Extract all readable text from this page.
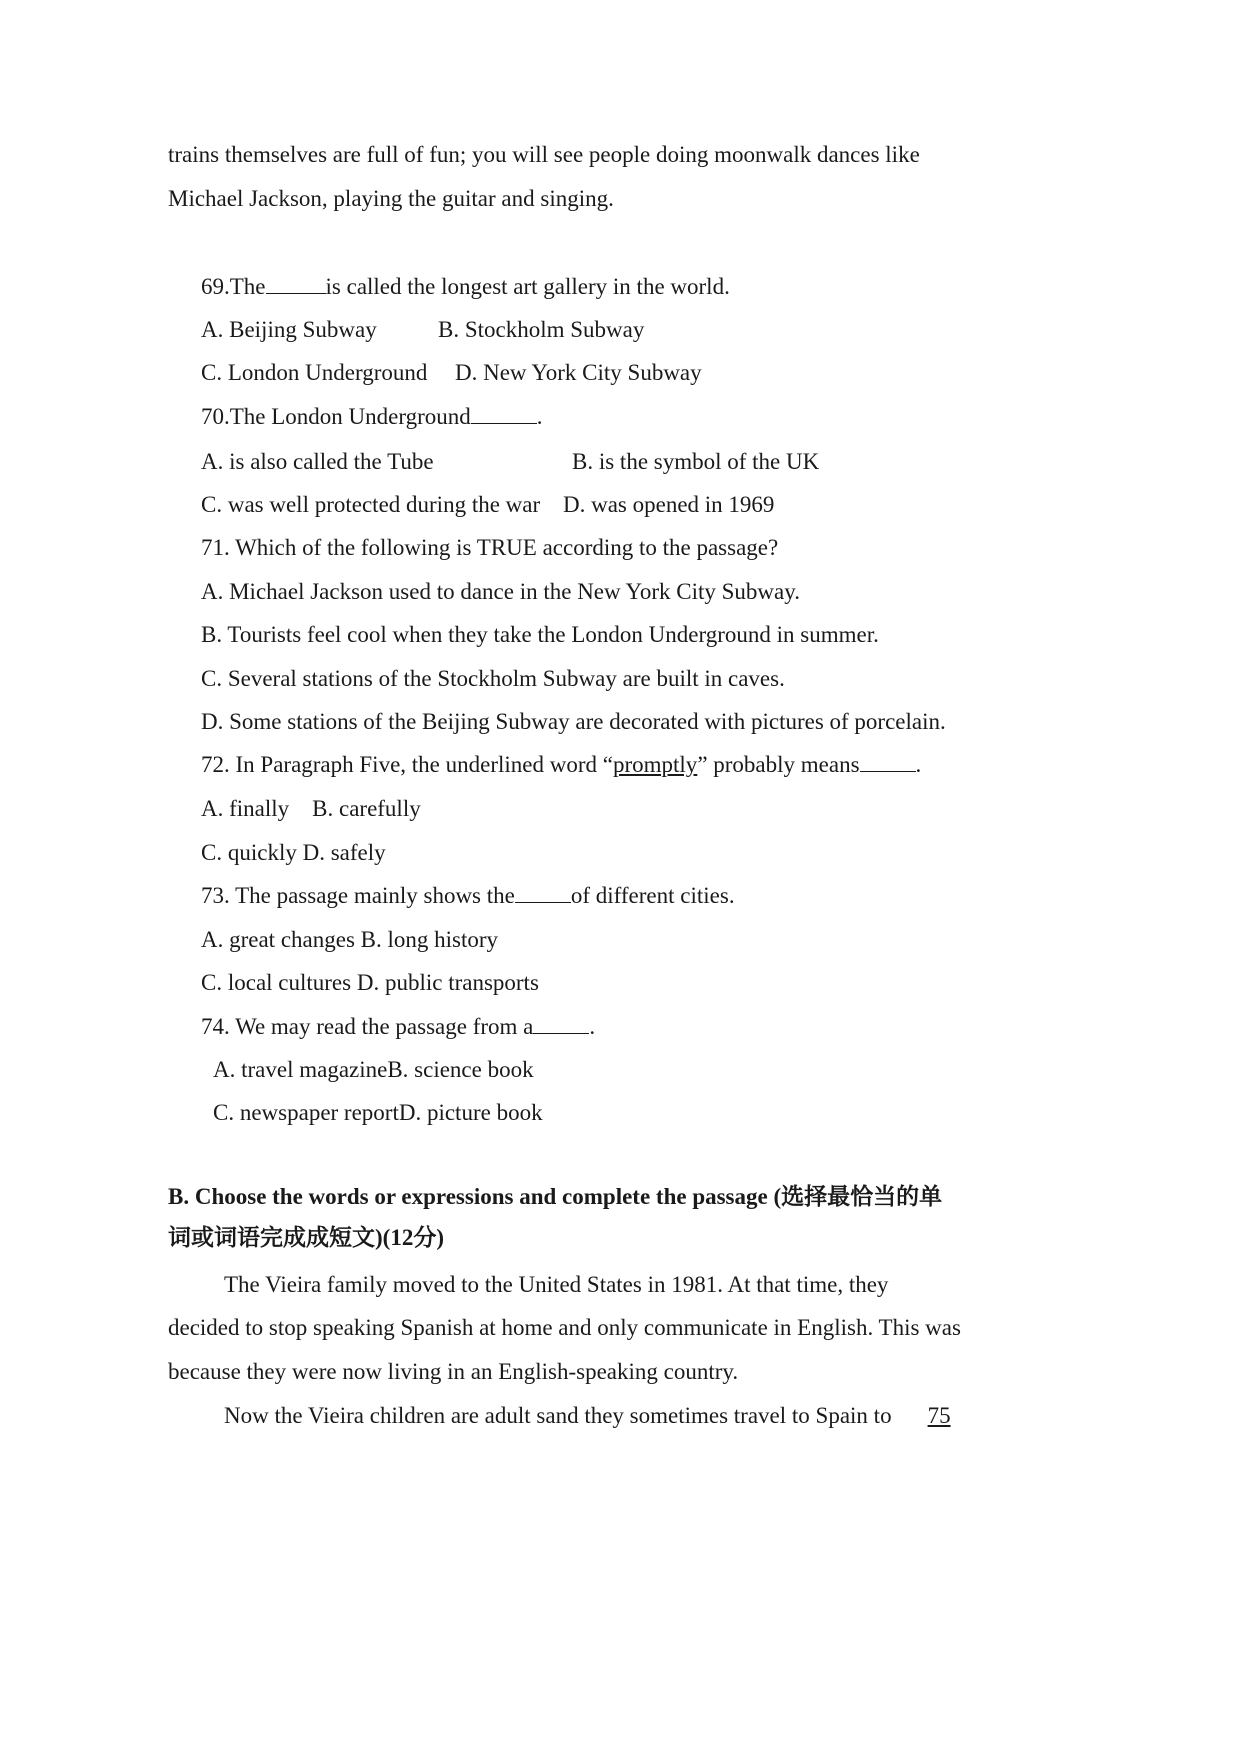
trains themselves are full of fun; you will see people doing moonwalk dances like
Michael Jackson, playing the guitar and singing.
69.The	is called the longest art gallery in the world.
A. Beijing Subway	B. Stockholm Subway
C. London Underground D. New York City Subway
70.The London Underground	.
A. is also called the Tube	B. is the symbol of the UK
C. was well protected during the war D. was opened in 1969
71. Which of the following is TRUE according to the passage?
A. Michael Jackson used to dance in the New York City Subway.
B. Tourists feel cool when they take the London Underground in summer.
C. Several stations of the Stockholm Subway are built in caves.
D. Some stations of the Beijing Subway are decorated with pictures of porcelain.
72. In Paragraph Five, the underlined word “promptly” probably means .
A. finally    B. carefully
C. quickly D. safely
73. The passage mainly shows the of different cities.
A. great changes B. long history
C. local cultures D. public transports
74. We may read the passage from a .
A. travel magazineB. science book
C. newspaper reportD. picture book
B. Choose the words or expressions and complete the passage (选择最恰当的单
词或词语完成成短文)(12分)
The Vieira family moved to the United States in 1981. At that time, they
decided to stop speaking Spanish at home and only communicate in English. This was
because they were now living in an English-speaking country.
Now the Vieira children are adult sand they sometimes travel to Spain to 75
